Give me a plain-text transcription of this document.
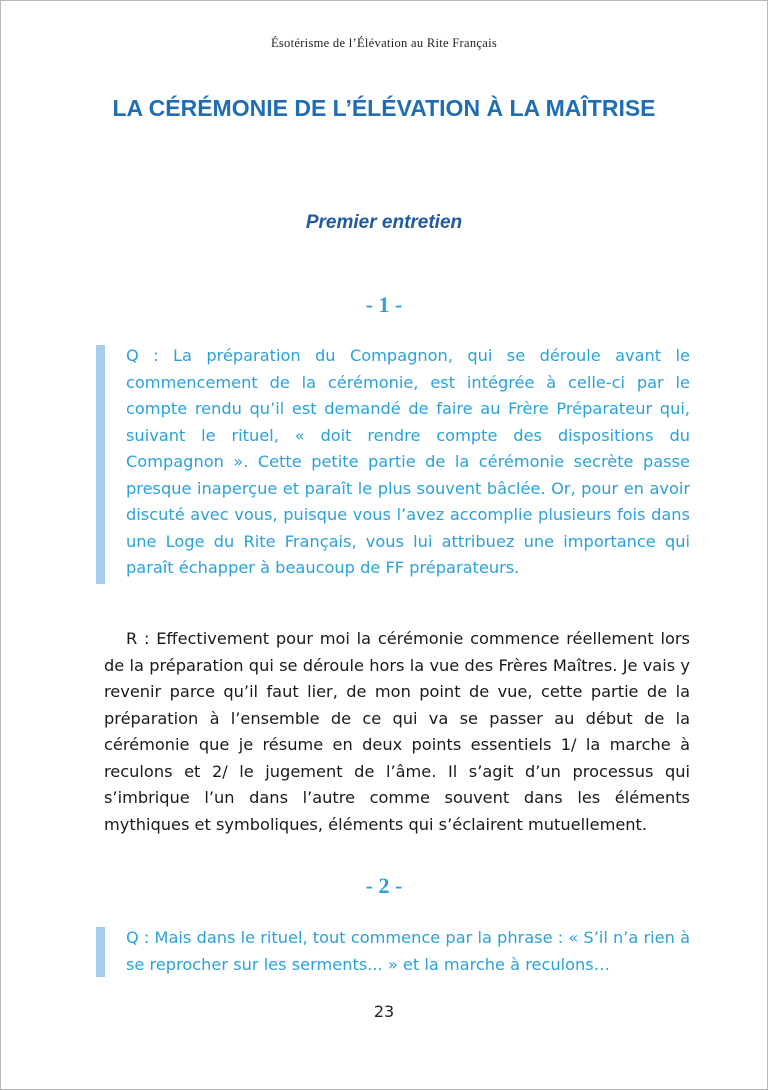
Ésotérisme de l’Élévation au Rite Français
LA CÉRÉMONIE DE L’ÉLÉVATION À LA MAÎTRISE
Premier entretien
- 1 -
Q : La préparation du Compagnon, qui se déroule avant le commencement de la cérémonie, est intégrée à celle-ci par le compte rendu qu’il est demandé de faire au Frère Préparateur qui, suivant le rituel, « doit rendre compte des dispositions du Compagnon ». Cette petite partie de la cérémonie secrète passe presque inaperçue et paraît le plus souvent bâclée. Or, pour en avoir discuté avec vous, puisque vous l’avez accomplie plusieurs fois dans une Loge du Rite Français, vous lui attribuez une importance qui paraît échapper à beaucoup de FF préparateurs.
R : Effectivement pour moi la cérémonie commence réellement lors de la préparation qui se déroule hors la vue des Frères Maîtres. Je vais y revenir parce qu’il faut lier, de mon point de vue, cette partie de la préparation à l’ensemble de ce qui va se passer au début de la cérémonie que je résume en deux points essentiels 1/ la marche à reculons et 2/ le jugement de l’âme. Il s’agit d’un processus qui s’imbrique l’un dans l’autre comme souvent dans les éléments mythiques et symboliques, éléments qui s’éclairent mutuellement.
- 2 -
Q : Mais dans le rituel, tout commence par la phrase : « S’il n’a rien à se reprocher sur les serments... » et la marche à reculons…
23
